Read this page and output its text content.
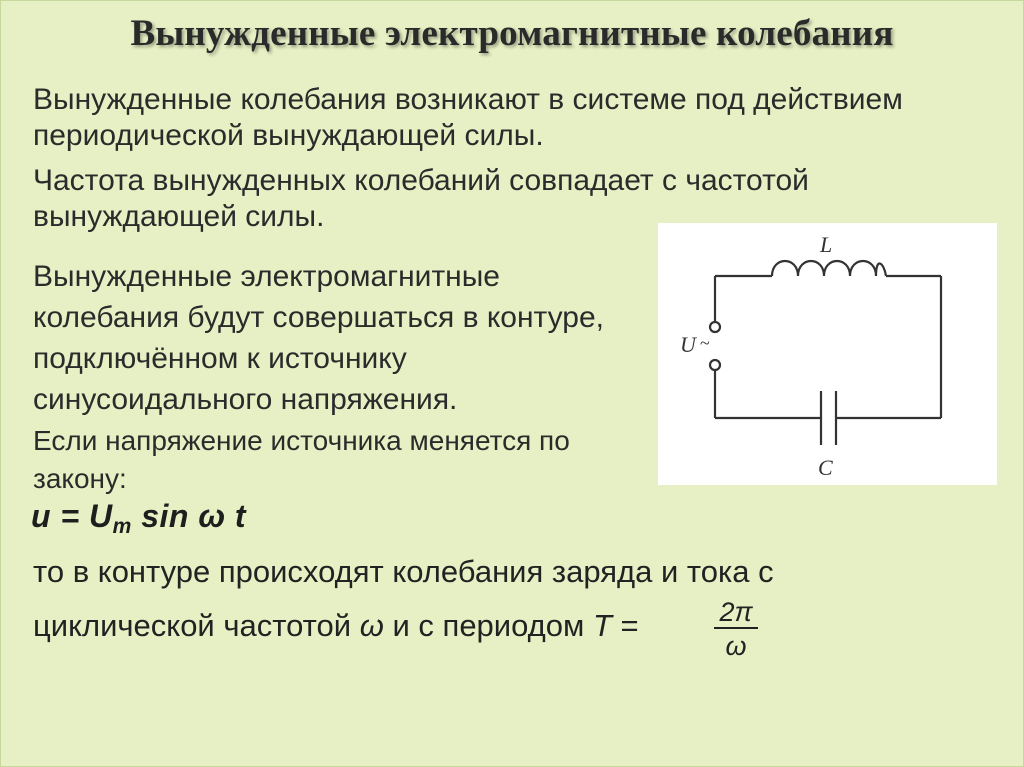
Вынужденные электромагнитные колебания

Вынужденные колебания возникают в системе под действием периодической вынуждающей силы.

Частота вынужденных колебаний совпадает с частотой вынуждающей силы.

Вынужденные электромагнитные колебания будут совершаться в контуре, подключённом к источнику синусоидального напряжения.

Если напряжение источника меняется по закону:

$u = U_m$ sin ω t
то в контуре происходят колебания заряда и тока с
циклической частотой ω и с периодом T =	2π
ω
L
C
U ~
